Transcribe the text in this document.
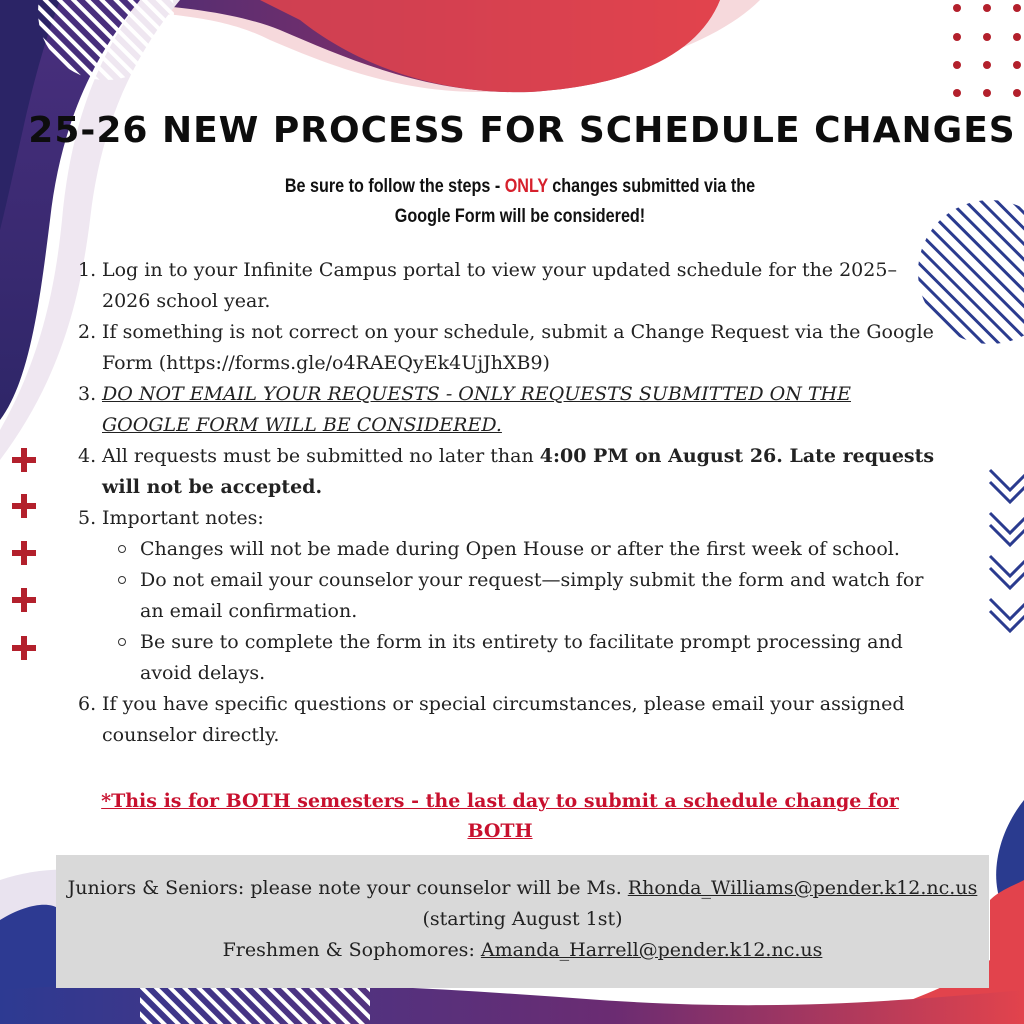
25-26 NEW PROCESS FOR SCHEDULE CHANGES
Be sure to follow the steps - ONLY changes submitted via the
Google Form will be considered!
1. Log in to your Infinite Campus portal to view your updated schedule for the 2025–2026 school year.
2. If something is not correct on your schedule, submit a Change Request via the Google Form (https://forms.gle/o4RAEQyEk4UjJhXB9)
3. DO NOT EMAIL YOUR REQUESTS - ONLY REQUESTS SUBMITTED ON THE GOOGLE FORM WILL BE CONSIDERED.
4. All requests must be submitted no later than 4:00 PM on August 26. Late requests will not be accepted.
5. Important notes:
Changes will not be made during Open House or after the first week of school.
Do not email your counselor your request—simply submit the form and watch for an email confirmation.
Be sure to complete the form in its entirety to facilitate prompt processing and avoid delays.
6. If you have specific questions or special circumstances, please email your assigned counselor directly.
*This is for BOTH semesters - the last day to submit a schedule change for BOTH

Juniors & Seniors: please note your counselor will be Ms. Rhonda_Williams@pender.k12.nc.us
(starting August 1st)
Freshmen & Sophomores: Amanda_Harrell@pender.k12.nc.us
